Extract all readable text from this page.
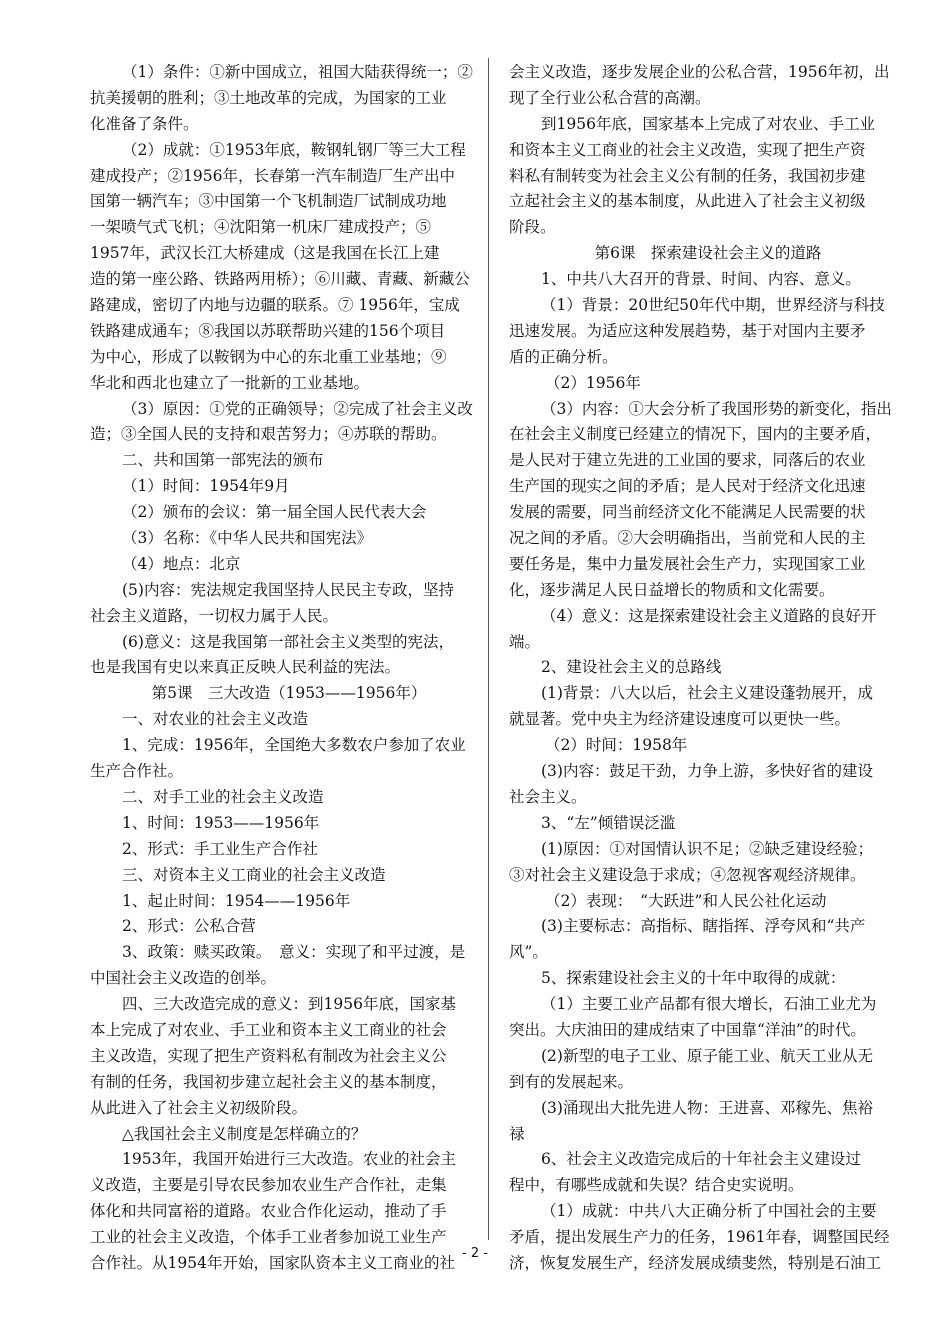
（1）条件：①新中国成立，祖国大陆获得统一；②
抗美援朝的胜利；③土地改革的完成，为国家的工业
化准备了条件。
（2）成就：①1953年底，鞍钢轧钢厂等三大工程
建成投产；②1956年，长春第一汽车制造厂生产出中
国第一辆汽车；③中国第一个飞机制造厂试制成功地
一架喷气式飞机；④沈阳第一机床厂建成投产；⑤
1957年，武汉长江大桥建成（这是我国在长江上建
造的第一座公路、铁路两用桥）；⑥川藏、青藏、新藏公
路建成，密切了内地与边疆的联系。⑦ 1956年，宝成
铁路建成通车；⑧我国以苏联帮助兴建的156个项目
为中心，形成了以鞍钢为中心的东北重工业基地；⑨
华北和西北也建立了一批新的工业基地。
（3）原因：①党的正确领导；②完成了社会主义改
造；③全国人民的支持和艰苦努力；④苏联的帮助。
二、共和国第一部宪法的颁布
（1）时间：1954年9月
（2）颁布的会议：第一届全国人民代表大会
（3）名称：《中华人民共和国宪法》
（4）地点：北京
(5)内容：宪法规定我国坚持人民民主专政，坚持
社会主义道路，一切权力属于人民。
(6)意义：这是我国第一部社会主义类型的宪法，
也是我国有史以来真正反映人民利益的宪法。
第5课　三大改造（1953——1956年）
一、对农业的社会主义改造
1、完成：1956年，全国绝大多数农户参加了农业
生产合作社。
二、对手工业的社会主义改造
1、时间：1953——1956年
2、形式：手工业生产合作社
三、对资本主义工商业的社会主义改造
1、起止时间：1954——1956年
2、形式：公私合营
3、政策：赎买政策。　意义：实现了和平过渡，是
中国社会主义改造的创举。
四、三大改造完成的意义：到1956年底，国家基
本上完成了对农业、手工业和资本主义工商业的社会
主义改造，实现了把生产资料私有制改为社会主义公
有制的任务，我国初步建立起社会主义的基本制度，
从此进入了社会主义初级阶段。
△我国社会主义制度是怎样确立的？
1953年，我国开始进行三大改造。农业的社会主
义改造，主要是引导农民参加农业生产合作社，走集
体化和共同富裕的道路。农业合作化运动，推动了手
工业的社会主义改造，个体手工业者参加说工业生产
合作社。从1954年开始，国家队资本主义工商业的社
会主义改造，逐步发展企业的公私合营，1956年初，出
现了全行业公私合营的高潮。
到1956年底，国家基本上完成了对农业、手工业
和资本主义工商业的社会主义改造，实现了把生产资
料私有制转变为社会主义公有制的任务，我国初步建
立起社会主义的基本制度，从此进入了社会主义初级
阶段。
第6课　探索建设社会主义的道路
1、中共八大召开的背景、时间、内容、意义。
（1）背景：20世纪50年代中期，世界经济与科技
迅速发展。为适应这种发展趋势，基于对国内主要矛
盾的正确分析。
（2）1956年
（3）内容：①大会分析了我国形势的新变化，指出
在社会主义制度已经建立的情况下，国内的主要矛盾，
是人民对于建立先进的工业国的要求，同落后的农业
生产国的现实之间的矛盾；是人民对于经济文化迅速
发展的需要，同当前经济文化不能满足人民需要的状
况之间的矛盾。②大会明确指出，当前党和人民的主
要任务是，集中力量发展社会生产力，实现国家工业
化，逐步满足人民日益增长的物质和文化需要。
（4）意义：这是探索建设社会主义道路的良好开
端。
2、建设社会主义的总路线
(1)背景：八大以后，社会主义建设蓬勃展开，成
就显著。党中央主为经济建设速度可以更快一些。
（2）时间：1958年
(3)内容：鼓足干劲，力争上游，多快好省的建设
社会主义。
3、“左”倾错误泛滥
(1)原因：①对国情认识不足；②缺乏建设经验；
③对社会主义建设急于求成；④忽视客观经济规律。
（2）表现：　“大跃进”和人民公社化运动
(3)主要标志：高指标、瞎指挥、浮夸风和“共产
风”。
5、探索建设社会主义的十年中取得的成就：
（1）主要工业产品都有很大增长，石油工业尤为
突出。大庆油田的建成结束了中国靠“洋油”的时代。
(2)新型的电子工业、原子能工业、航天工业从无
到有的发展起来。
(3)涌现出大批先进人物：王进喜、邓稼先、焦裕
禄
6、社会主义改造完成后的十年社会主义建设过
程中，有哪些成就和失误？结合史实说明。
（1）成就：中共八大正确分析了中国社会的主要
矛盾，提出发展生产力的任务，1961年春，调整国民经
济，恢复发展生产，经济发展成绩斐然，特别是石油工
- 2 -
